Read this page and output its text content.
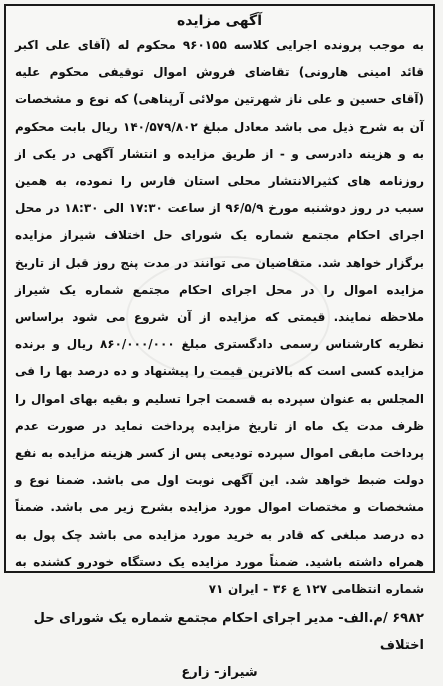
آگهی مزایده

به موجب پرونده اجرایی کلاسه ۹۶۰۱۵۵ محکوم له (آقای علی اکبر قائد امینی هارونی) تقاضای فروش اموال توقیفی محکوم علیه (آقای حسین و علی ناز شهرتین مولائی آرپناهی) که نوع و مشخصات آن به شرح ذیل می باشد معادل مبلغ ۱۴۰/۵۷۹/۸۰۲ ریال بابت محکوم به و هزینه دادرسی و - از طریق مزایده و انتشار آگهی در یکی از روزنامه های کثیرالانتشار محلی استان فارس را نموده، به همین سبب در روز دوشنبه مورخ ۹۶/۵/۹ از ساعت ۱۷:۳۰ الی ۱۸:۳۰ در محل اجرای احکام مجتمع شماره یک شورای حل اختلاف شیراز مزایده برگزار خواهد شد. متقاضیان می توانند در مدت پنج روز قبل از تاریخ مزایده اموال را در محل اجرای احکام مجتمع شماره یک شیراز ملاحظه نمایند. قیمتی که مزایده از آن شروع می شود براساس نظریه کارشناس رسمی دادگستری مبلغ ۸۶۰/۰۰۰/۰۰۰ ریال و برنده مزایده کسی است که بالاترین قیمت را پیشنهاد و ده درصد بها را فی المجلس به عنوان سپرده به قسمت اجرا تسلیم و بقیه بهای اموال را ظرف مدت یک ماه از تاریخ مزایده پرداخت نماید در صورت عدم پرداخت مابقی اموال سپرده تودیعی پس از کسر هزینه مزایده به نفع دولت ضبط خواهد شد. این آگهی نوبت اول می باشد. ضمنا نوع و مشخصات و مختصات اموال مورد مزایده بشرح زیر می باشد. ضمناً ده درصد مبلغی که قادر به خرید مورد مزایده می باشد چک پول به همراه داشته باشید. ضمناً مورد مزایده یک دستگاه خودرو کشنده به شماره انتظامی ۱۲۷ ع ۳۶ - ایران ۷۱

۶۹۸۲ /م.الف- مدیر اجرای احکام مجتمع شماره یک شورای حل اختلاف
شیراز- زارع
